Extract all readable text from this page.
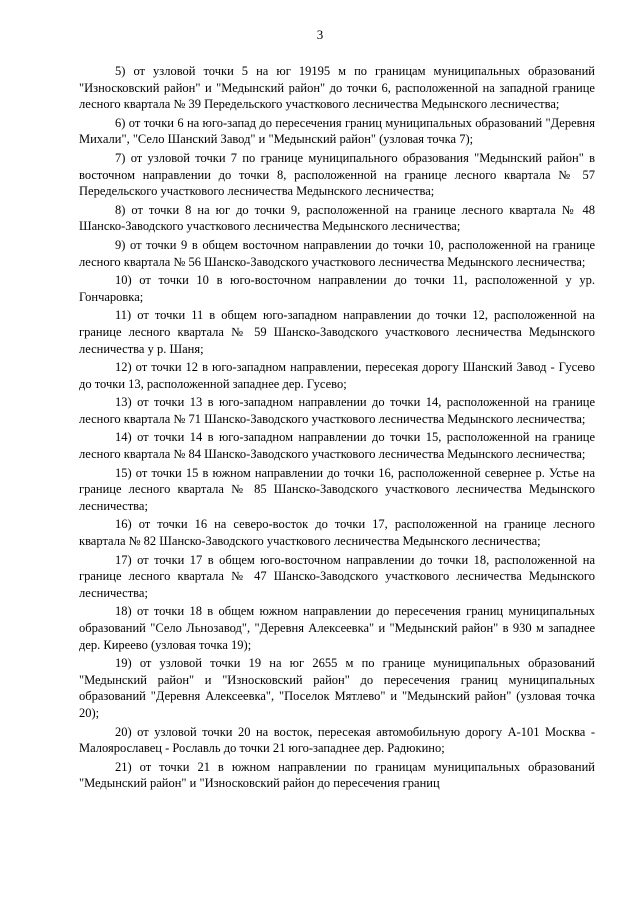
3

5) от узловой точки 5 на юг 19195 м по границам муниципальных образований "Износковский район" и "Медынский район" до точки 6, расположенной на западной границе лесного квартала № 39 Передельского участкового лесничества Медынского лесничества;

6) от точки 6 на юго-запад до пересечения границ муниципальных образований "Деревня Михали", "Село Шанский Завод" и "Медынский район" (узловая точка 7);

7) от узловой точки 7 по границе муниципального образования "Медынский район" в восточном направлении до точки 8, расположенной на границе лесного квартала № 57 Передельского участкового лесничества Медынского лесничества;

8) от точки 8 на юг до точки 9, расположенной на границе лесного квартала № 48 Шанско-Заводского участкового лесничества Медынского лесничества;

9) от точки 9 в общем восточном направлении до точки 10, расположенной на границе лесного квартала № 56 Шанско-Заводского участкового лесничества Медынского лесничества;

10) от точки 10 в юго-восточном направлении до точки 11, расположенной у ур. Гончаровка;

11) от точки 11 в общем юго-западном направлении до точки 12, расположенной на границе лесного квартала № 59 Шанско-Заводского участкового лесничества Медынского лесничества у р. Шаня;

12) от точки 12 в юго-западном направлении, пересекая дорогу Шанский Завод - Гусево до точки 13, расположенной западнее дер. Гусево;

13) от точки 13 в юго-западном направлении до точки 14, расположенной на границе лесного квартала № 71 Шанско-Заводского участкового лесничества Медынского лесничества;

14) от точки 14 в юго-западном направлении до точки 15, расположенной на границе лесного квартала № 84 Шанско-Заводского участкового лесничества Медынского лесничества;

15) от точки 15 в южном направлении до точки 16, расположенной севернее р. Устье на границе лесного квартала № 85 Шанско-Заводского участкового лесничества Медынского лесничества;

16) от точки 16 на северо-восток до точки 17, расположенной на границе лесного квартала № 82 Шанско-Заводского участкового лесничества Медынского лесничества;

17) от точки 17 в общем юго-восточном направлении до точки 18, расположенной на границе лесного квартала № 47 Шанско-Заводского участкового лесничества Медынского лесничества;

18) от точки 18 в общем южном направлении до пересечения границ муниципальных образований "Село Льнозавод", "Деревня Алексеевка" и "Медынский район" в 930 м западнее дер. Киреево (узловая точка 19);

19) от узловой точки 19 на юг 2655 м по границе муниципальных образований "Медынский район" и "Износковский район" до пересечения границ муниципальных образований "Деревня Алексеевка", "Поселок Мятлево" и "Медынский район" (узловая точка 20);

20) от узловой точки 20 на восток, пересекая автомобильную дорогу А-101 Москва - Малоярославец - Рославль до точки 21 юго-западнее дер. Радюкино;

21) от точки 21 в южном направлении по границам муниципальных образований "Медынский район" и "Износковский район до пересечения границ
